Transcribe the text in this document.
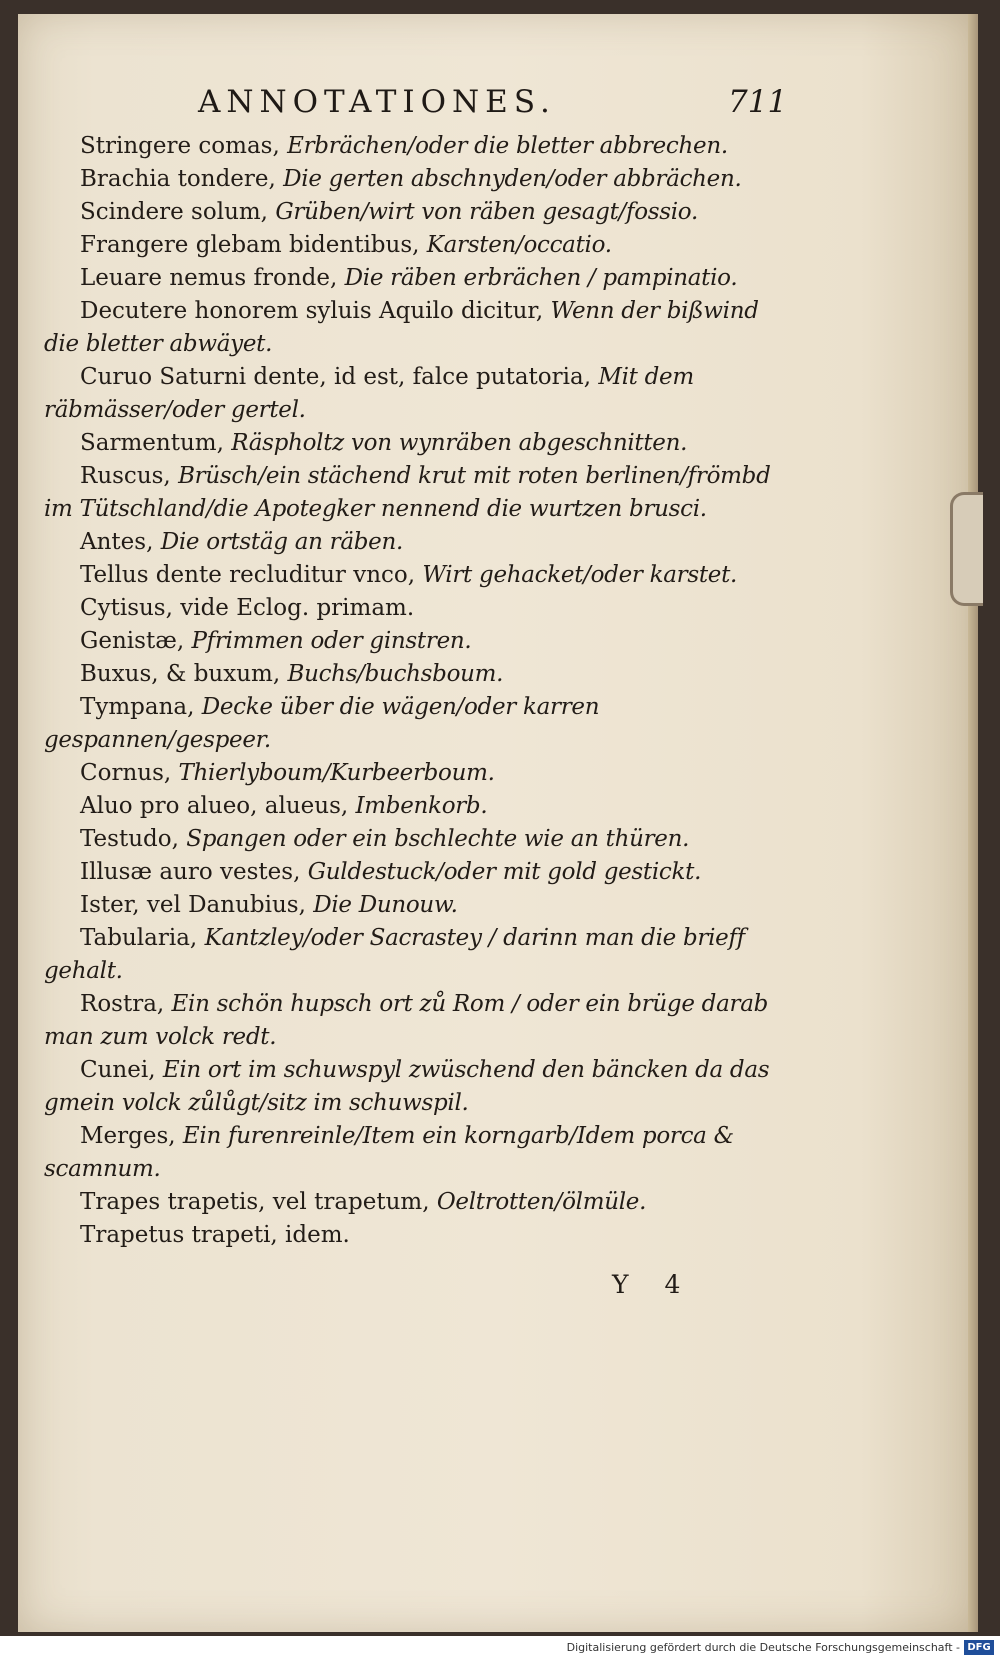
ANNOTATIONES.	711

Stringere comas, Erbrächen/oder die bletter abbrechen.

Brachia tondere, Die gerten abschnyden/oder abbrächen.

Scindere solum, Grüben/wirt von räben gesagt/fossio.

Frangere glebam bidentibus, Karsten/occatio.

Leuare nemus fronde, Die räben erbrächen / pampinatio.

Decutere honorem syluis Aquilo dicitur, Wenn der bißwind die bletter abwäyet.

Curuo Saturni dente, id est, falce putatoria, Mit dem räbmässer/oder gertel.

Sarmentum, Räspholtz von wynräben abgeschnitten.

Ruscus, Brüsch/ein stächend krut mit roten berlinen/frömbd im Tütschland/die Apotegker nennend die wurtzen brusci.

Antes, Die ortstäg an räben.

Tellus dente recluditur vnco, Wirt gehacket/oder karstet.

Cytisus, vide Eclog. primam.

Genistæ, Pfrimmen oder ginstren.

Buxus, & buxum, Buchs/buchsboum.

Tympana, Decke über die wägen/oder karren gespannen/gespeer.

Cornus, Thierlyboum/Kurbeerboum.

Aluo pro alueo, alueus, Imbenkorb.

Testudo, Spangen oder ein bschlechte wie an thüren.

Illusæ auro vestes, Guldestuck/oder mit gold gestickt.

Ister, vel Danubius, Die Dunouw.

Tabularia, Kantzley/oder Sacrastey / darinn man die brieff gehalt.

Rostra, Ein schön hupsch ort zů Rom / oder ein brüge darab man zum volck redt.

Cunei, Ein ort im schuwspyl zwüschend den bäncken da das gmein volck zůlůgt/sitz im schuwspil.

Merges, Ein furenreinle/Item ein korngarb/Idem porca & scamnum.

Trapes trapetis, vel trapetum, Oeltrotten/ölmüle.

Trapetus trapeti, idem.

Y 4
Digitalisierung gefördert durch die Deutsche Forschungsgemeinschaft - DFG
